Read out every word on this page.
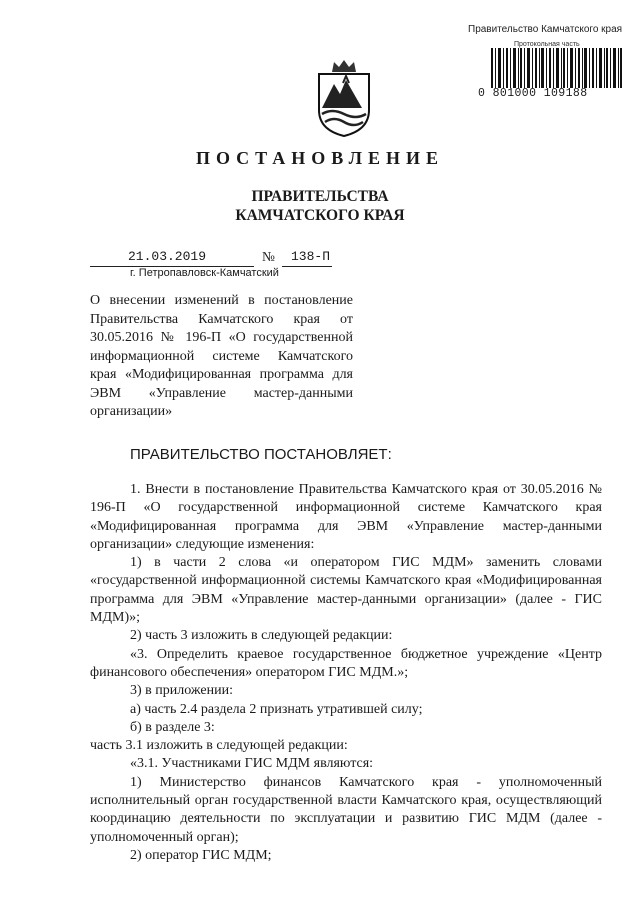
Правительство Камчатского края
Протокольная часть
0 801000 109188
ПОСТАНОВЛЕНИЕ
ПРАВИТЕЛЬСТВА
КАМЧАТСКОГО КРАЯ
21.03.2019	№ 138-П
г. Петропавловск-Камчатский
О внесении изменений в постановление Правительства Камчатского края от 30.05.2016 № 196-П «О государственной информационной системе Камчатского края «Модифицированная программа для ЭВМ «Управление мастер-данными организации»
ПРАВИТЕЛЬСТВО ПОСТАНОВЛЯЕТ:

1. Внести в постановление Правительства Камчатского края от 30.05.2016 № 196-П «О государственной информационной системе Камчатского края «Модифицированная программа для ЭВМ «Управление мастер-данными организации» следующие изменения:

1) в части 2 слова «и оператором ГИС МДМ» заменить словами «государственной информационной системы Камчатского края «Модифицированная программа для ЭВМ «Управление мастер-данными организации» (далее - ГИС МДМ)»;

2) часть 3 изложить в следующей редакции:

«3. Определить краевое государственное бюджетное учреждение «Центр финансового обеспечения» оператором ГИС МДМ.»;

3) в приложении:

а) часть 2.4 раздела 2 признать утратившей силу;

б) в разделе 3:

часть 3.1 изложить в следующей редакции:

«3.1. Участниками ГИС МДМ являются:

1) Министерство финансов Камчатского края - уполномоченный исполнительный орган государственной власти Камчатского края, осуществляющий координацию деятельности по эксплуатации и развитию ГИС МДМ (далее - уполномоченный орган);

2) оператор ГИС МДМ;
